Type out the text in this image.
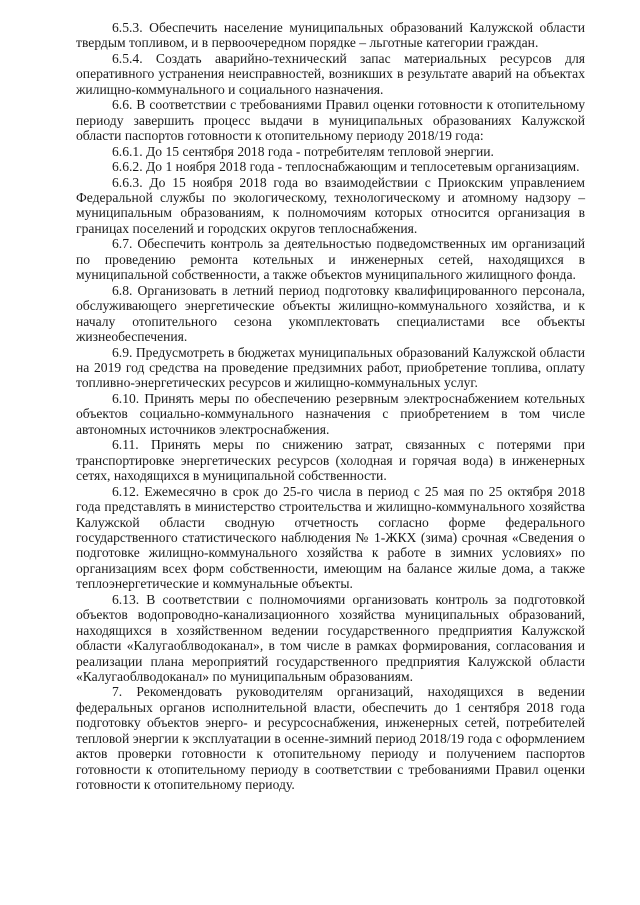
6.5.3. Обеспечить население муниципальных образований Калужской области твердым топливом, и в первоочередном порядке – льготные категории граждан.

6.5.4. Создать аварийно-технический запас материальных ресурсов для оперативного устранения неисправностей, возникших в результате аварий на объектах жилищно-коммунального и социального назначения.

6.6. В соответствии с требованиями Правил оценки готовности к отопительному периоду завершить процесс выдачи в муниципальных образованиях Калужской области паспортов готовности к отопительному периоду 2018/19 года:

6.6.1. До 15 сентября 2018 года - потребителям тепловой энергии.

6.6.2. До 1 ноября 2018 года - теплоснабжающим и теплосетевым организациям.

6.6.3. До 15 ноября 2018 года во взаимодействии с Приокским управлением Федеральной службы по экологическому, технологическому и атомному надзору – муниципальным образованиям, к полномочиям которых относится организация в границах поселений и городских округов теплоснабжения.

6.7. Обеспечить контроль за деятельностью подведомственных им организаций по проведению ремонта котельных и инженерных сетей, находящихся в муниципальной собственности, а также объектов муниципального жилищного фонда.

6.8. Организовать в летний период подготовку квалифицированного персонала, обслуживающего энергетические объекты жилищно-коммунального хозяйства, и к началу отопительного сезона укомплектовать специалистами все объекты жизнеобеспечения.

6.9. Предусмотреть в бюджетах муниципальных образований Калужской области на 2019 год средства на проведение предзимних работ, приобретение топлива, оплату топливно-энергетических ресурсов и жилищно-коммунальных услуг.

6.10. Принять меры по обеспечению резервным электроснабжением котельных объектов социально-коммунального назначения с приобретением в том числе автономных источников электроснабжения.

6.11. Принять меры по снижению затрат, связанных с потерями при транспортировке энергетических ресурсов (холодная и горячая вода) в инженерных сетях, находящихся в муниципальной собственности.

6.12. Ежемесячно в срок до 25-го числа в период с 25 мая по 25 октября 2018 года представлять в министерство строительства и жилищно-коммунального хозяйства Калужской области сводную отчетность согласно форме федерального государственного статистического наблюдения № 1-ЖКХ (зима) срочная «Сведения о подготовке жилищно-коммунального хозяйства к работе в зимних условиях» по организациям всех форм собственности, имеющим на балансе жилые дома, а также теплоэнергетические и коммунальные объекты.

6.13. В соответствии с полномочиями организовать контроль за подготовкой объектов водопроводно-канализационного хозяйства муниципальных образований, находящихся в хозяйственном ведении государственного предприятия Калужской области «Калугаоблводоканал», в том числе в рамках формирования, согласования и реализации плана мероприятий государственного предприятия Калужской области «Калугаоблводоканал» по муниципальным образованиям.

7. Рекомендовать руководителям организаций, находящихся в ведении федеральных органов исполнительной власти, обеспечить до 1 сентября 2018 года подготовку объектов энерго- и ресурсоснабжения, инженерных сетей, потребителей тепловой энергии к эксплуатации в осенне-зимний период 2018/19 года с оформлением актов проверки готовности к отопительному периоду и получением паспортов готовности к отопительному периоду в соответствии с требованиями Правил оценки готовности к отопительному периоду.
